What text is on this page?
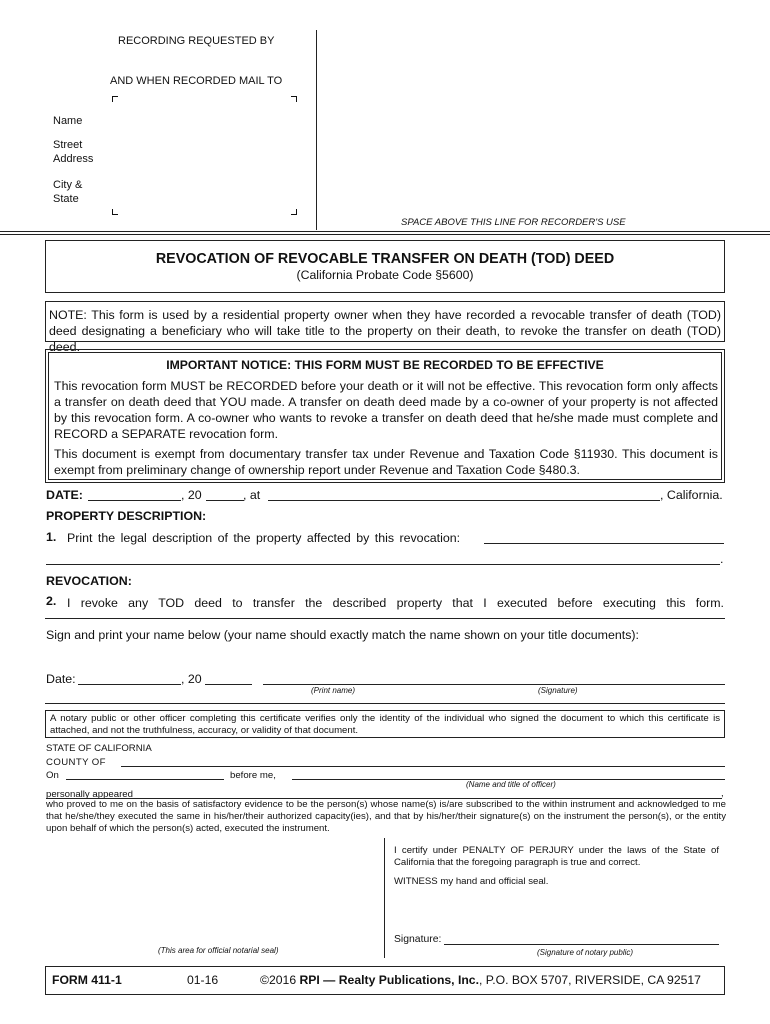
RECORDING REQUESTED BY
AND WHEN RECORDED MAIL TO
Name
Street
Address
City &
State
SPACE ABOVE THIS LINE FOR RECORDER'S USE
REVOCATION OF REVOCABLE TRANSFER ON DEATH (TOD) DEED
(California Probate Code §5600)
NOTE: This form is used by a residential property owner when they have recorded a revocable transfer of death (TOD)
deed designating a beneficiary who will take title to the property on their death, to revoke the transfer on death (TOD) deed.
IMPORTANT NOTICE: THIS FORM MUST BE RECORDED TO BE EFFECTIVE
This revocation form MUST be RECORDED before your death or it will not be effective. This revocation form only affects a transfer on death deed that YOU made. A transfer on death deed made by a co-owner of your property is not affected by this revocation form. A co-owner who wants to revoke a transfer on death deed that he/she made must complete and RECORD a SEPARATE revocation form.
This document is exempt from documentary transfer tax under Revenue and Taxation Code §11930. This document is exempt from preliminary change of ownership report under Revenue and Taxation Code §480.3.
DATE:	, 20	, at	, California.
PROPERTY DESCRIPTION:
1. Print the legal description of the property affected by this revocation:
.
REVOCATION:
2. I revoke any TOD deed to transfer the described property that I executed before executing this form.
Sign and print your name below (your name should exactly match the name shown on your title documents):
Date:	, 20
(Print name)	(Signature)
A notary public or other officer completing this certificate verifies only the identity of the individual who signed the document to which this certificate is attached, and not the truthfulness, accuracy, or validity of that document.
STATE OF CALIFORNIA
COUNTY OF
On	before me,
(Name and title of officer)
personally appeared	,
who proved to me on the basis of satisfactory evidence to be the person(s) whose name(s) is/are subscribed to the within instrument and acknowledged to me that he/she/they executed the same in his/her/their authorized capacity(ies), and that by his/her/their signature(s) on the instrument the person(s), or the entity upon behalf of which the person(s) acted, executed the instrument.
I certify under PENALTY OF PERJURY under the laws of the State of California that the foregoing paragraph is true and correct.
WITNESS my hand and official seal.
(This area for official notarial seal)
Signature:
(Signature of notary public)
FORM 411-1	01-16	©2016 RPI — Realty Publications, Inc., P.O. BOX 5707, RIVERSIDE, CA 92517
